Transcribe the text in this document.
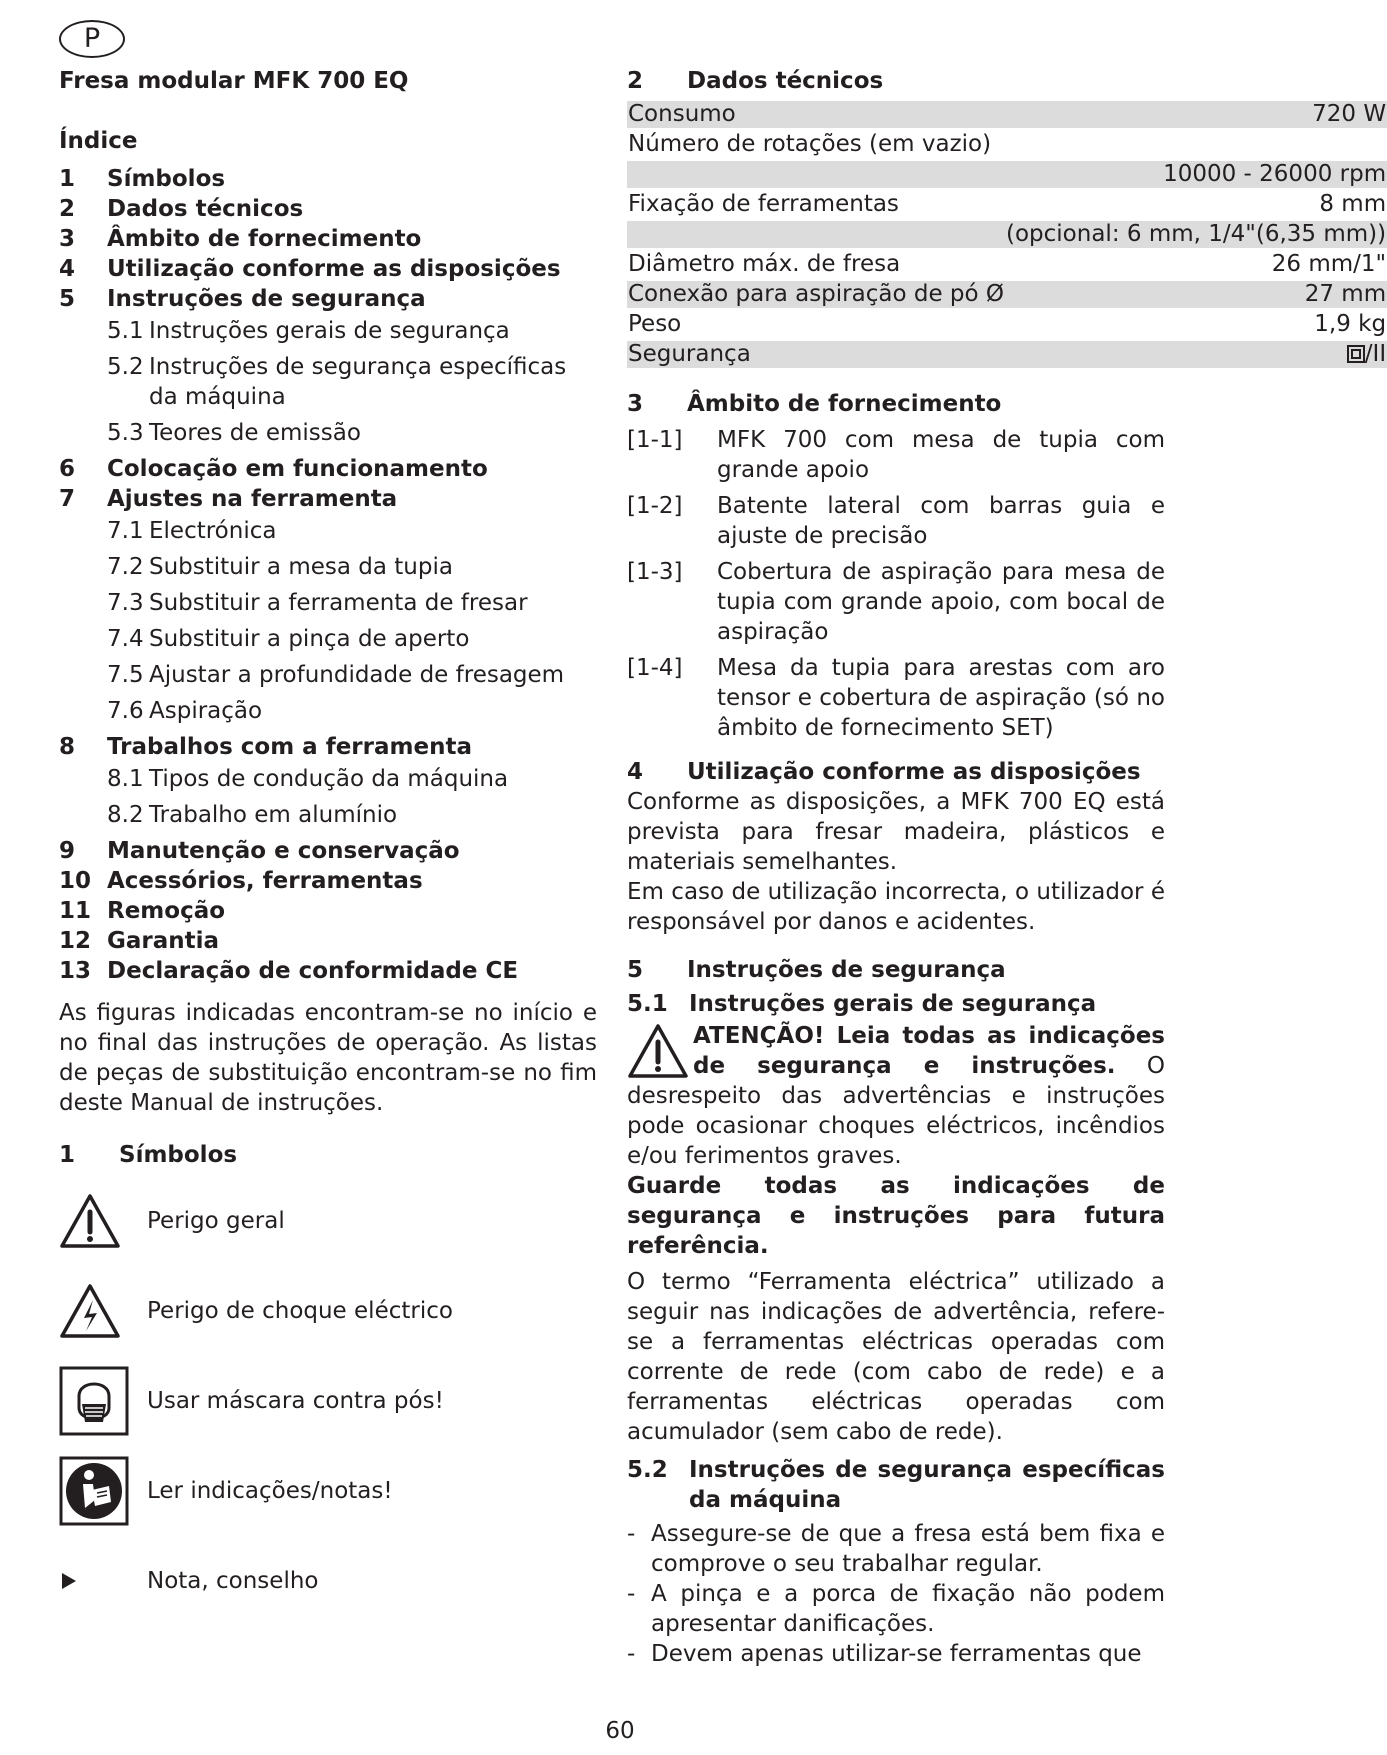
P

Fresa modular MFK 700 EQ

Índice

1	Símbolos
2	Dados técnicos
3	Âmbito de fornecimento
4	Utilização conforme as disposições
5	Instruções de segurança
5.1 Instruções gerais de segurança
5.2 Instruções de segurança específicas da máquina
5.3 Teores de emissão
6	Colocação em funcionamento
7	Ajustes na ferramenta
7.1 Electrónica
7.2 Substituir a mesa da tupia
7.3 Substituir a ferramenta de fresar
7.4 Substituir a pinça de aperto
7.5 Ajustar a profundidade de fresagem
7.6 Aspiração
8	Trabalhos com a ferramenta
8.1 Tipos de condução da máquina
8.2 Trabalho em alumínio
9	Manutenção e conservação
10 Acessórios, ferramentas
11 Remoção
12 Garantia
13 Declaração de conformidade CE

As figuras indicadas encontram-se no início e no final das instruções de operação. As listas de peças de substituição encontram-se no fim deste Manual de instruções.

1	Símbolos
Perigo geral
Perigo de choque eléctrico
Usar máscara contra pós!
Ler indicações/notas!
Nota, conselho
2	Dados técnicos
Consumo	720 W
Número de rotações (em vazio)	
	10000 - 26000 rpm
Fixação de ferramentas	8 mm
	(opcional: 6 mm, 1/4"(6,35 mm))
Diâmetro máx. de fresa	26 mm/1"
Conexão para aspiração de pó Ø	27 mm
Peso	1,9 kg
Segurança	/II
3	Âmbito de fornecimento
[1-1]	MFK 700 com mesa de tupia com grande apoio
[1-2]	Batente lateral com barras guia e ajuste de precisão
[1-3]	Cobertura de aspiração para mesa de tupia com grande apoio, com bocal de aspiração
[1-4]	Mesa da tupia para arestas com aro tensor e cobertura de aspiração (só no âmbito de fornecimento SET)
4	Utilização conforme as disposições

Conforme as disposições, a MFK 700 EQ está prevista para fresar madeira, plásticos e materiais semelhantes.

Em caso de utilização incorrecta, o utilizador é responsável por danos e acidentes.

5	Instruções de segurança
5.1 Instruções gerais de segurança
ATENÇÃO! Leia todas as indicações de segurança e instruções. O desrespeito das advertências e instruções pode ocasionar choques eléctricos, incêndios e/ou ferimentos graves.

Guarde todas as indicações de segurança e instruções para futura referência.

O termo “Ferramenta eléctrica” utilizado a seguir nas indicações de advertência, refere-se a ferramentas eléctricas operadas com corrente de rede (com cabo de rede) e a ferramentas eléctricas operadas com acumulador (sem cabo de rede).

5.2 Instruções de segurança específicas da máquina
- Assegure-se de que a fresa está bem fixa e comprove o seu trabalhar regular.
- A pinça e a porca de fixação não podem apresentar danificações.
- Devem apenas utilizar-se ferramentas que
60
